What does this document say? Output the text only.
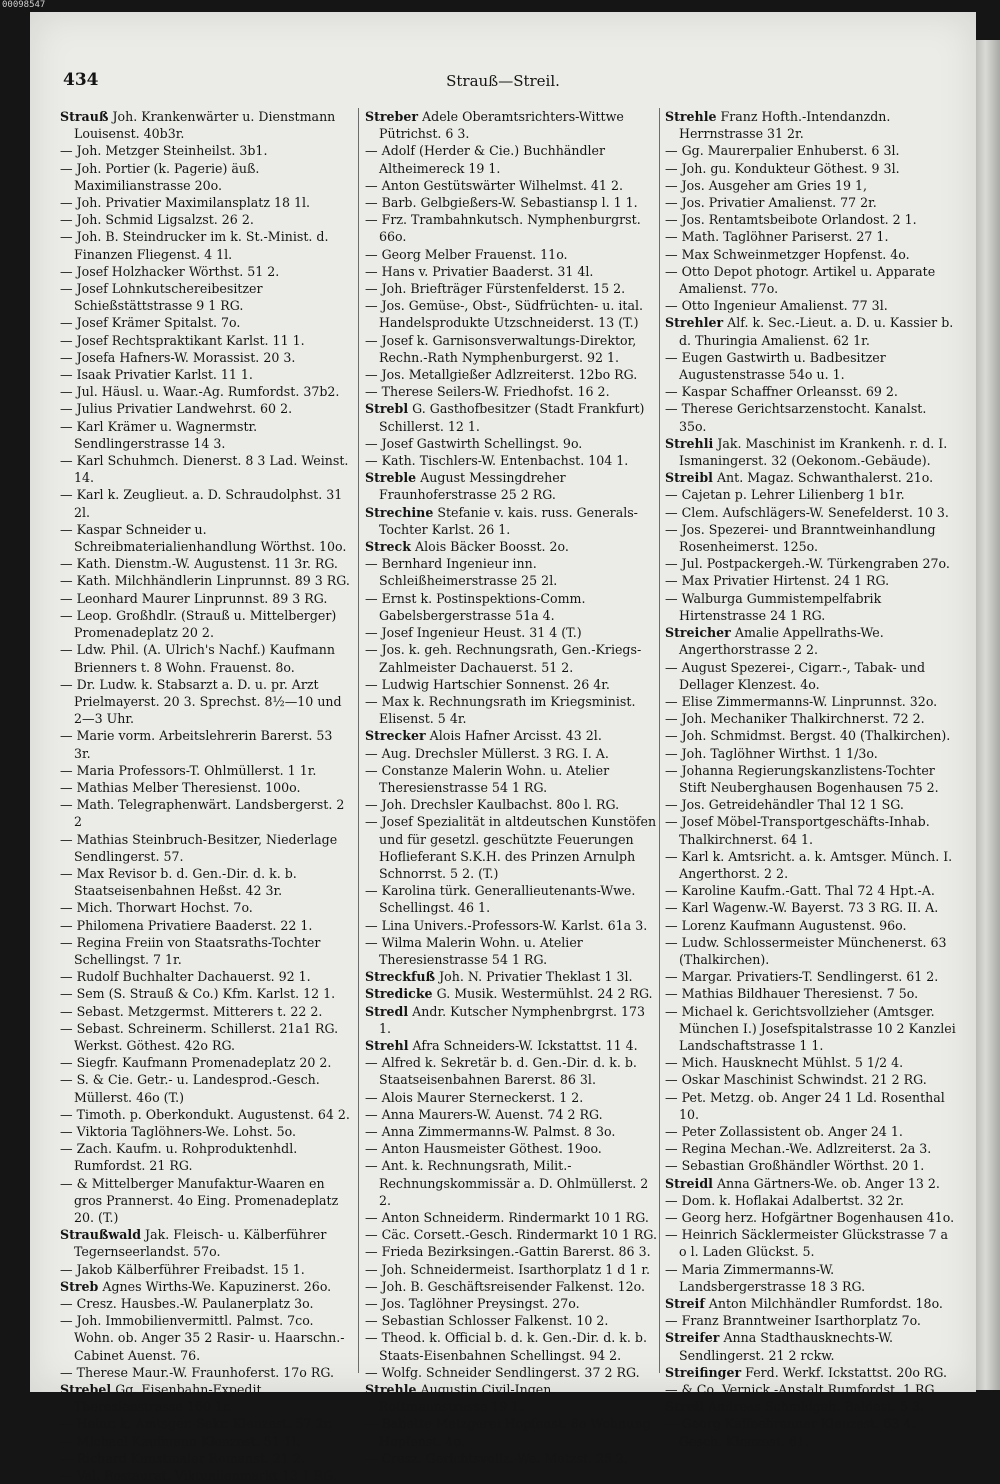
00098547
434	Strauß—Streil.
Strauß Joh. Krankenwärter u. Dienstmann Louisenst. 40b3r.
— Joh. Metzger Steinheilst. 3b1.
— Joh. Portier (k. Pagerie) äuß. Maximilianstrasse 20o.
— Joh. Privatier Maximilansplatz 18 1l.
— Joh. Schmid Ligsalzst. 26 2.
— Joh. B. Steindrucker im k. St.-Minist. d. Finanzen Fliegenst. 4 1l.
— Josef Holzhacker Wörthst. 51 2.
— Josef Lohnkutschereibesitzer Schießstättstrasse 9 1 RG.
— Josef Krämer Spitalst. 7o.
— Josef Rechtspraktikant Karlst. 11 1.
— Josefa Hafners-W. Morassist. 20 3.
— Isaak Privatier Karlst. 11 1.
— Jul. Häusl. u. Waar.-Ag. Rumfordst. 37b2.
— Julius Privatier Landwehrst. 60 2.
— Karl Krämer u. Wagnermstr. Sendlingerstrasse 14 3.
— Karl Schuhmch. Dienerst. 8 3 Lad. Weinst. 14.
— Karl k. Zeuglieut. a. D. Schraudolphst. 31 2l.
— Kaspar Schneider u. Schreibmaterialienhandlung Wörthst. 10o.
— Kath. Dienstm.-W. Augustenst. 11 3r. RG.
— Kath. Milchhändlerin Linprunnst. 89 3 RG.
— Leonhard Maurer Linprunnst. 89 3 RG.
— Leop. Großhdlr. (Strauß u. Mittelberger) Promenadeplatz 20 2.
— Ldw. Phil. (A. Ulrich's Nachf.) Kaufmann Brienners t. 8 Wohn. Frauenst. 8o.
— Dr. Ludw. k. Stabsarzt a. D. u. pr. Arzt Prielmayerst. 20 3. Sprechst. 8½—10 und 2—3 Uhr.
— Marie vorm. Arbeitslehrerin Barerst. 53 3r.
— Maria Professors-T. Ohlmüllerst. 1 1r.
— Mathias Melber Theresienst. 100o.
— Math. Telegraphenwärt. Landsbergerst. 2 2
— Mathias Steinbruch-Besitzer, Niederlage Sendlingerst. 57.
— Max Revisor b. d. Gen.-Dir. d. k. b. Staatseisenbahnen Heßst. 42 3r.
— Mich. Thorwart Hochst. 7o.
— Philomena Privatiere Baaderst. 22 1.
— Regina Freiin von Staatsraths-Tochter Schellingst. 7 1r.
— Rudolf Buchhalter Dachauerst. 92 1.
— Sem (S. Strauß & Co.) Kfm. Karlst. 12 1.
— Sebast. Metzgermst. Mitterers t. 22 2.
— Sebast. Schreinerm. Schillerst. 21a1 RG. Werkst. Göthest. 42o RG.
— Siegfr. Kaufmann Promenadeplatz 20 2.
— S. & Cie. Getr.- u. Landesprod.-Gesch. Müllerst. 46o (T.)
— Timoth. p. Oberkondukt. Augustenst. 64 2.
— Viktoria Taglöhners-We. Lohst. 5o.
— Zach. Kaufm. u. Rohproduktenhdl. Rumfordst. 21 RG.
— & Mittelberger Manufaktur-Waaren en gros Prannerst. 4o Eing. Promenadeplatz 20. (T.)
Straußwald Jak. Fleisch- u. Kälberführer Tegernseerlandst. 57o.
— Jakob Kälberführer Freibadst. 15 1.
Streb Agnes Wirths-We. Kapuzinerst. 26o.
— Cresz. Hausbes.-W. Paulanerplatz 3o.
— Joh. Immobilienvermittl. Palmst. 7co. Wohn. ob. Anger 35 2 Rasir- u. Haarschn.-Cabinet Auenst. 76.
— Therese Maur.-W. Fraunhoferst. 17o RG.
Strebel Gg. Eisenbahn-Expedit. Theresienstrasse 160 1r.
— Heinr. k. Amtsger.-Sekr. Klenzest. 57 2r.
— Michael Kaufmann Klenzest. 51 1l.
— Richard Kunstmaler Romanst. 21 2.
— Val. Restaurat. Viktualienmarkt 13 1 RG.
Streber Adele Oberamtsrichters-Wittwe Pütrichst. 6 3.
— Adolf (Herder & Cie.) Buchhändler Altheimereck 19 1.
— Anton Gestütswärter Wilhelmst. 41 2.
— Barb. Gelbgießers-W. Sebastiansp l. 1 1.
— Frz. Trambahnkutsch. Nymphenburgrst. 66o.
— Georg Melber Frauenst. 11o.
— Hans v. Privatier Baaderst. 31 4l.
— Joh. Briefträger Fürstenfelderst. 15 2.
— Jos. Gemüse-, Obst-, Südfrüchten- u. ital. Handelsprodukte Utzschneiderst. 13 (T.)
— Josef k. Garnisonsverwaltungs-Direktor, Rechn.-Rath Nymphenburgerst. 92 1.
— Jos. Metallgießer Adlzreiterst. 12bo RG.
— Therese Seilers-W. Friedhofst. 16 2.
Strebl G. Gasthofbesitzer (Stadt Frankfurt) Schillerst. 12 1.
— Josef Gastwirth Schellingst. 9o.
— Kath. Tischlers-W. Entenbachst. 104 1.
Streble August Messingdreher Fraunhoferstrasse 25 2 RG.
Strechine Stefanie v. kais. russ. Generals-Tochter Karlst. 26 1.
Streck Alois Bäcker Boosst. 2o.
— Bernhard Ingenieur inn. Schleißheimerstrasse 25 2l.
— Ernst k. Postinspektions-Comm. Gabelsbergerstrasse 51a 4.
— Josef Ingenieur Heust. 31 4 (T.)
— Jos. k. geh. Rechnungsrath, Gen.-Kriegs-Zahlmeister Dachauerst. 51 2.
— Ludwig Hartschier Sonnenst. 26 4r.
— Max k. Rechnungsrath im Kriegsminist. Elisenst. 5 4r.
Strecker Alois Hafner Arcisst. 43 2l.
— Aug. Drechsler Müllerst. 3 RG. I. A.
— Constanze Malerin Wohn. u. Atelier Theresienstrasse 54 1 RG.
— Joh. Drechsler Kaulbachst. 80o l. RG.
— Josef Spezialität in altdeutschen Kunstöfen und für gesetzl. geschützte Feuerungen Hoflieferant S.K.H. des Prinzen Arnulph Schnorrst. 5 2. (T.)
— Karolina türk. Generallieutenants-Wwe. Schellingst. 46 1.
— Lina Univers.-Professors-W. Karlst. 61a 3.
— Wilma Malerin Wohn. u. Atelier Theresienstrasse 54 1 RG.
Streckfuß Joh. N. Privatier Theklast 1 3l.
Stredicke G. Musik. Westermühlst. 24 2 RG.
Stredl Andr. Kutscher Nymphenbrgrst. 173 1.
Strehl Afra Schneiders-W. Ickstattst. 11 4.
— Alfred k. Sekretär b. d. Gen.-Dir. d. k. b. Staatseisenbahnen Barerst. 86 3l.
— Alois Maurer Sterneckerst. 1 2.
— Anna Maurers-W. Auenst. 74 2 RG.
— Anna Zimmermanns-W. Palmst. 8 3o.
— Anton Hausmeister Göthest. 19oo.
— Ant. k. Rechnungsrath, Milit.-Rechnungskommissär a. D. Ohlmüllerst. 2 2.
— Anton Schneiderm. Rindermarkt 10 1 RG.
— Cäc. Corsett.-Gesch. Rindermarkt 10 1 RG.
— Frieda Bezirksingen.-Gattin Barerst. 86 3.
— Joh. Schneidermeist. Isarthorplatz 1 d 1 r.
— Joh. B. Geschäftsreisender Falkenst. 12o.
— Jos. Taglöhner Preysingst. 27o.
— Sebastian Schlosser Falkenst. 10 2.
— Theod. k. Official b. d. k. Gen.-Dir. d. k. b. Staats-Eisenbahnen Schellingst. 94 2.
— Wolfg. Schneider Sendlingerst. 37 2 RG.
Strehle Augustin Civil-Ingen. Rottmannstrasse 19 1.
— Babette Metzgerei Hopfenst. 8o Wohnung Hopfenst. 4o.
— Cresz. Gerichtsvollz.-We. Metzst. 25 2.
Strehle Franz Hofth.-Intendanzdn. Herrnstrasse 31 2r.
— Gg. Maurerpalier Enhuberst. 6 3l.
— Joh. gu. Kondukteur Göthest. 9 3l.
— Jos. Ausgeher am Gries 19 1,
— Jos. Privatier Amalienst. 77 2r.
— Jos. Rentamtsbeibote Orlandost. 2 1.
— Math. Taglöhner Pariserst. 27 1.
— Max Schweinmetzger Hopfenst. 4o.
— Otto Depot photogr. Artikel u. Apparate Amalienst. 77o.
— Otto Ingenieur Amalienst. 77 3l.
Strehler Alf. k. Sec.-Lieut. a. D. u. Kassier b. d. Thuringia Amalienst. 62 1r.
— Eugen Gastwirth u. Badbesitzer Augustenstrasse 54o u. 1.
— Kaspar Schaffner Orleansst. 69 2.
— Therese Gerichtsarzenstocht. Kanalst. 35o.
Strehli Jak. Maschinist im Krankenh. r. d. I. Ismaningerst. 32 (Oekonom.-Gebäude).
Streibl Ant. Magaz. Schwanthalerst. 21o.
— Cajetan p. Lehrer Lilienberg 1 b1r.
— Clem. Aufschlägers-W. Senefelderst. 10 3.
— Jos. Spezerei- und Branntweinhandlung Rosenheimerst. 125o.
— Jul. Postpackergeh.-W. Türkengraben 27o.
— Max Privatier Hirtenst. 24 1 RG.
— Walburga Gummistempelfabrik Hirtenstrasse 24 1 RG.
Streicher Amalie Appellraths-We. Angerthorstrasse 2 2.
— August Spezerei-, Cigarr.-, Tabak- und Dellager Klenzest. 4o.
— Elise Zimmermanns-W. Linprunnst. 32o.
— Joh. Mechaniker Thalkirchnerst. 72 2.
— Joh. Schmidmst. Bergst. 40 (Thalkirchen).
— Joh. Taglöhner Wirthst. 1 1/3o.
— Johanna Regierungskanzlistens-Tochter Stift Neuberghausen Bogenhausen 75 2.
— Jos. Getreidehändler Thal 12 1 SG.
— Josef Möbel-Transportgeschäfts-Inhab. Thalkirchnerst. 64 1.
— Karl k. Amtsricht. a. k. Amtsger. Münch. I. Angerthorst. 2 2.
— Karoline Kaufm.-Gatt. Thal 72 4 Hpt.-A.
— Karl Wagenw.-W. Bayerst. 73 3 RG. II. A.
— Lorenz Kaufmann Augustenst. 96o.
— Ludw. Schlossermeister Münchenerst. 63 (Thalkirchen).
— Margar. Privatiers-T. Sendlingerst. 61 2.
— Mathias Bildhauer Theresienst. 7 5o.
— Michael k. Gerichtsvollzieher (Amtsger. München I.) Josefspitalstrasse 10 2 Kanzlei Landschaftstrasse 1 1.
— Mich. Hausknecht Mühlst. 5 1/2 4.
— Oskar Maschinist Schwindst. 21 2 RG.
— Pet. Metzg. ob. Anger 24 1 Ld. Rosenthal 10.
— Peter Zollassistent ob. Anger 24 1.
— Regina Mechan.-We. Adlzreiterst. 2a 3.
— Sebastian Großhändler Wörthst. 20 1.
Streidl Anna Gärtners-We. ob. Anger 13 2.
— Dom. k. Hoflakai Adalbertst. 32 2r.
— Georg herz. Hofgärtner Bogenhausen 41o.
— Heinrich Säcklermeister Glückstrasse 7 a o l. Laden Glückst. 5.
— Maria Zimmermanns-W. Landsbergerstrasse 18 3 RG.
Streif Anton Milchhändler Rumfordst. 18o.
— Franz Branntweiner Isarthorplatz 7o.
Streifer Anna Stadthausknechts-W. Sendlingerst. 21 2 rckw.
Streifinger Ferd. Werkf. Ickstattst. 20o RG.
— & Co. Vernick.-Anstalt Rumfordst. 1 RG.
Streil Andreas Schmidgeh. Baldest. 5 3.
— Georg Kaffeebrenner Klenzest. 63 4. Gesch. Klenzest. 61.
